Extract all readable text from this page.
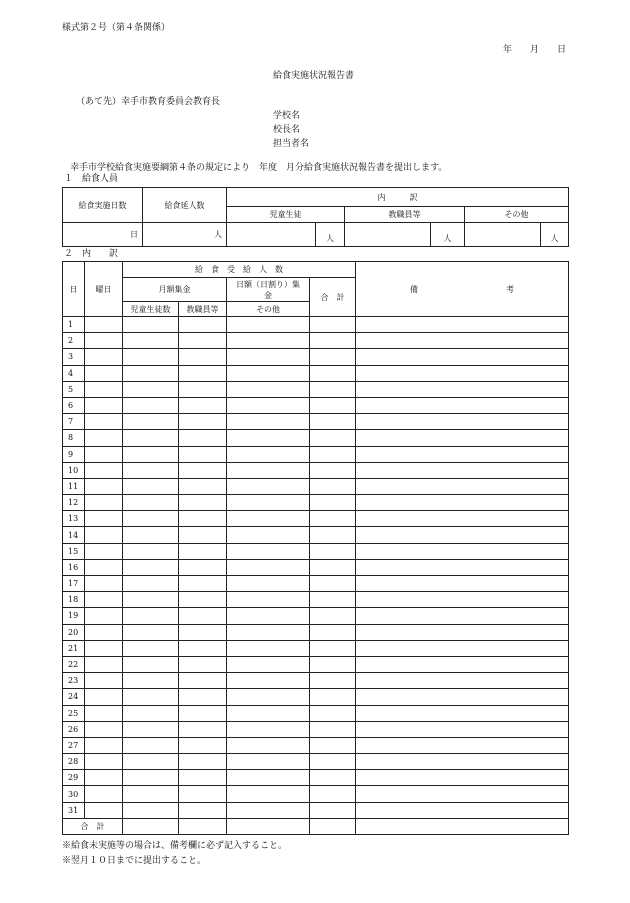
様式第２号（第４条関係）
年　　月　　日
給食実施状況報告書
（あて先）幸手市教育委員会教育長
学校名
校長名
担当者名
幸手市学校給食実施要綱第４条の規定により　年度　月分給食実施状況報告書を提出します。
１　給食人員
給食実施日数	給食延人数	内　　　訳					
		児童生徒		教職員等		その他	
日	人		人		人		人
２　内　　訳
日	曜日	給　食　受　給　人　数				備　　　　　　　　　　　考
		月額集金		日額（日割り）集金	合　計	
		児童生徒数	教職員等	その他		
1						
2						
3						
4						
5						
6						
7						
8						
9						
10						
11						
12						
13						
14						
15						
16						
17						
18						
19						
20						
21						
22						
23						
24						
25						
26						
27						
28						
29						
30						
31						
合　計						
※給食未実施等の場合は、備考欄に必ず記入すること。
※翌月１０日までに提出すること。
